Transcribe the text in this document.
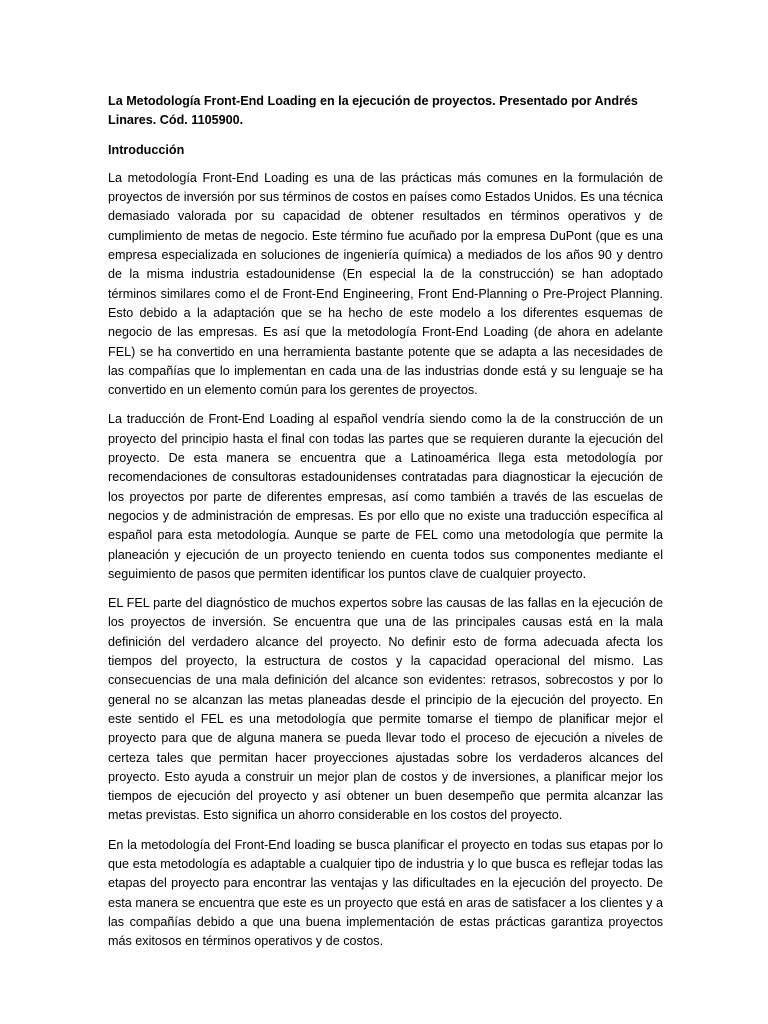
La Metodología Front-End Loading en la ejecución de proyectos. Presentado por Andrés Linares. Cód. 1105900.

Introducción

La metodología Front-End Loading es una de las prácticas más comunes en la formulación de proyectos de inversión por sus términos de costos en países como Estados Unidos. Es una técnica demasiado valorada por su capacidad de obtener resultados en términos operativos y de cumplimiento de metas de negocio. Este término fue acuñado por la empresa DuPont (que es una empresa especializada en soluciones de ingeniería química) a mediados de los años 90 y dentro de la misma industria estadounidense (En especial la de la construcción) se han adoptado términos similares como el de Front-End Engineering, Front End-Planning o Pre-Project Planning. Esto debido a la adaptación que se ha hecho de este modelo a los diferentes esquemas de negocio de las empresas. Es así que la metodología Front-End Loading (de ahora en adelante FEL) se ha convertido en una herramienta bastante potente que se adapta a las necesidades de las compañías que lo implementan en cada una de las industrias donde está y su lenguaje se ha convertido en un elemento común para los gerentes de proyectos.

La traducción de Front-End Loading al español vendría siendo como la de la construcción de un proyecto del principio hasta el final con todas las partes que se requieren durante la ejecución del proyecto. De esta manera se encuentra que a Latinoamérica llega esta metodología por recomendaciones de consultoras estadounidenses contratadas para diagnosticar la ejecución de los proyectos por parte de diferentes empresas, así como también a través de las escuelas de negocios y de administración de empresas. Es por ello que no existe una traducción específica al español para esta metodología. Aunque se parte de FEL como una metodología que permite la planeación y ejecución de un proyecto teniendo en cuenta todos sus componentes mediante el seguimiento de pasos que permiten identificar los puntos clave de cualquier proyecto.

EL FEL parte del diagnóstico de muchos expertos sobre las causas de las fallas en la ejecución de los proyectos de inversión. Se encuentra que una de las principales causas está en la mala definición del verdadero alcance del proyecto. No definir esto de forma adecuada afecta los tiempos del proyecto, la estructura de costos y la capacidad operacional del mismo. Las consecuencias de una mala definición del alcance son evidentes: retrasos, sobrecostos y por lo general no se alcanzan las metas planeadas desde el principio de la ejecución del proyecto. En este sentido el FEL es una metodología que permite tomarse el tiempo de planificar mejor el proyecto para que de alguna manera se pueda llevar todo el proceso de ejecución a niveles de certeza tales que permitan hacer proyecciones ajustadas sobre los verdaderos alcances del proyecto. Esto ayuda a construir un mejor plan de costos y de inversiones, a planificar mejor los tiempos de ejecución del proyecto y así obtener un buen desempeño que permita alcanzar las metas previstas. Esto significa un ahorro considerable en los costos del proyecto.

En la metodología del Front-End loading se busca planificar el proyecto en todas sus etapas por lo que esta metodología es adaptable a cualquier tipo de industria y lo que busca es reflejar todas las etapas del proyecto para encontrar las ventajas y las dificultades en la ejecución del proyecto. De esta manera se encuentra que este es un proyecto que está en aras de satisfacer a los clientes y a las compañías debido a que una buena implementación de estas prácticas garantiza proyectos más exitosos en términos operativos y de costos.
